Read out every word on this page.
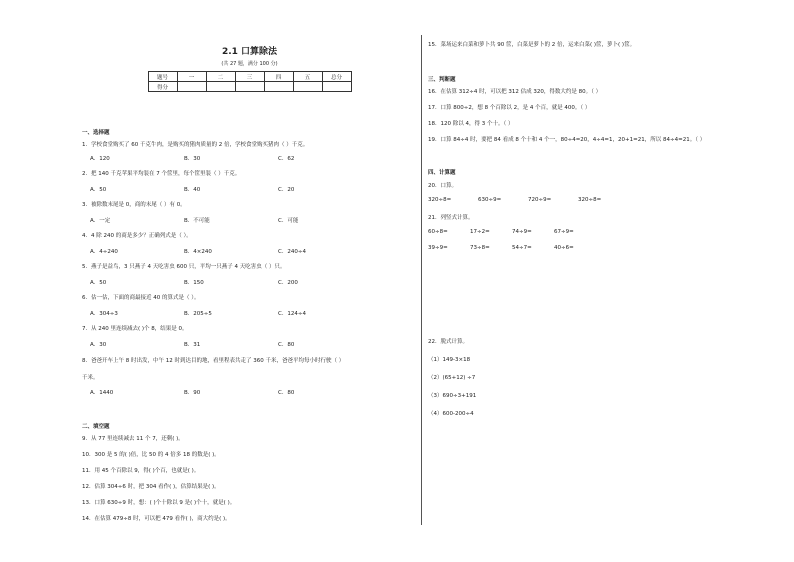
2.1 口算除法
(共 27 题，满分 100 分)
题号	一	二	三	四	五	总分
得分						
一、选择题
1．学校食堂购买了 60 千克牛肉，是购买的猪肉质量的 2 倍，学校食堂购买猪肉（ ）千克。
A．120	B．30	C．62
2．把 140 千克苹果平均装在 7 个筐里，每个筐里装（ ）千克。
A．50	B．40	C．20
3．被除数末尾是 0，商的末尾（ ）有 0。
A．一定	B．不可能	C．可能
4．4 除 240 的商是多少？正确列式是（ ）。
A．4÷240	B．4×240	C．240÷4
5．燕子是益鸟，3 只燕子 4 天吃害虫 600 只，平均一只燕子 4 天吃害虫（ ）只。
A．50	B．150	C．200
6．估一估，下面的商最接近 40 的算式是（ ）。
A．304÷3	B．205÷5	C．124÷4
7．从 240 里连续减去( )个 8，结果是 0。
A．30	B．31	C．80
8．爸爸开车上午 8 时出发，中午 12 时到达目的地，看里程表共走了 360 千米，爸爸平均每小时行驶（ ）
千米。
A．1440	B．90	C．80
二、填空题
9．从 77 里连续减去 11 个 7，还剩( )。
10．300 是 5 的( )倍，比 50 的 4 倍多 18 的数是( )。
11．用 45 个百除以 9，得( )个百，也就是( )。
12．估算 304÷6 时，把 304 看作( )，估算结果是( )。
13．口算 630÷9 时，想：( )个十除以 9 是( )个十，就是( )。
14．在估算 479÷8 时，可以把 479 看作( )，商大约是( )。
15．菜场运来白菜和萝卜共 90 筐，白菜是萝卜的 2 倍，运来白菜( )筐，萝卜( )筐。
三、判断题
16．在估算 312÷4 时，可以把 312 估成 320，得数大约是 80。（ ）
17．口算 800÷2，想 8 个百除以 2，是 4 个百，就是 400。（ ）
18．120 除以 4，得 3 个十。（ ）
19．口算 84÷4 时，要把 84 看成 8 个十和 4 个一，80÷4=20，4÷4=1，20+1=21，所以 84÷4=21。（ ）
四、计算题
20．口算。
320÷8=	630÷9=	720÷9=	320÷8=
21．列竖式计算。
60÷8=	17÷2=	74÷9=	67÷9=
39÷9=	73÷8=	54÷7=	40÷6=
22．脱式计算。
（1）149-3×18
（2）(65+12) ÷7
（3）690÷3+191
（4）600-200÷4
